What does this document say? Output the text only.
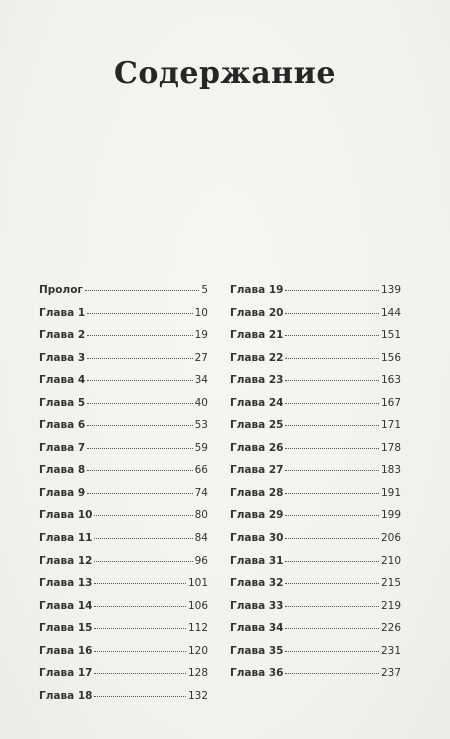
Содержание
Пролог	5
Глава 1	10
Глава 2	19
Глава 3	27
Глава 4	34
Глава 5	40
Глава 6	53
Глава 7	59
Глава 8	66
Глава 9	74
Глава 10	80
Глава 11	84
Глава 12	96
Глава 13	101
Глава 14	106
Глава 15	112
Глава 16	120
Глава 17	128
Глава 18	132
Глава 19	139
Глава 20	144
Глава 21	151
Глава 22	156
Глава 23	163
Глава 24	167
Глава 25	171
Глава 26	178
Глава 27	183
Глава 28	191
Глава 29	199
Глава 30	206
Глава 31	210
Глава 32	215
Глава 33	219
Глава 34	226
Глава 35	231
Глава 36	237
